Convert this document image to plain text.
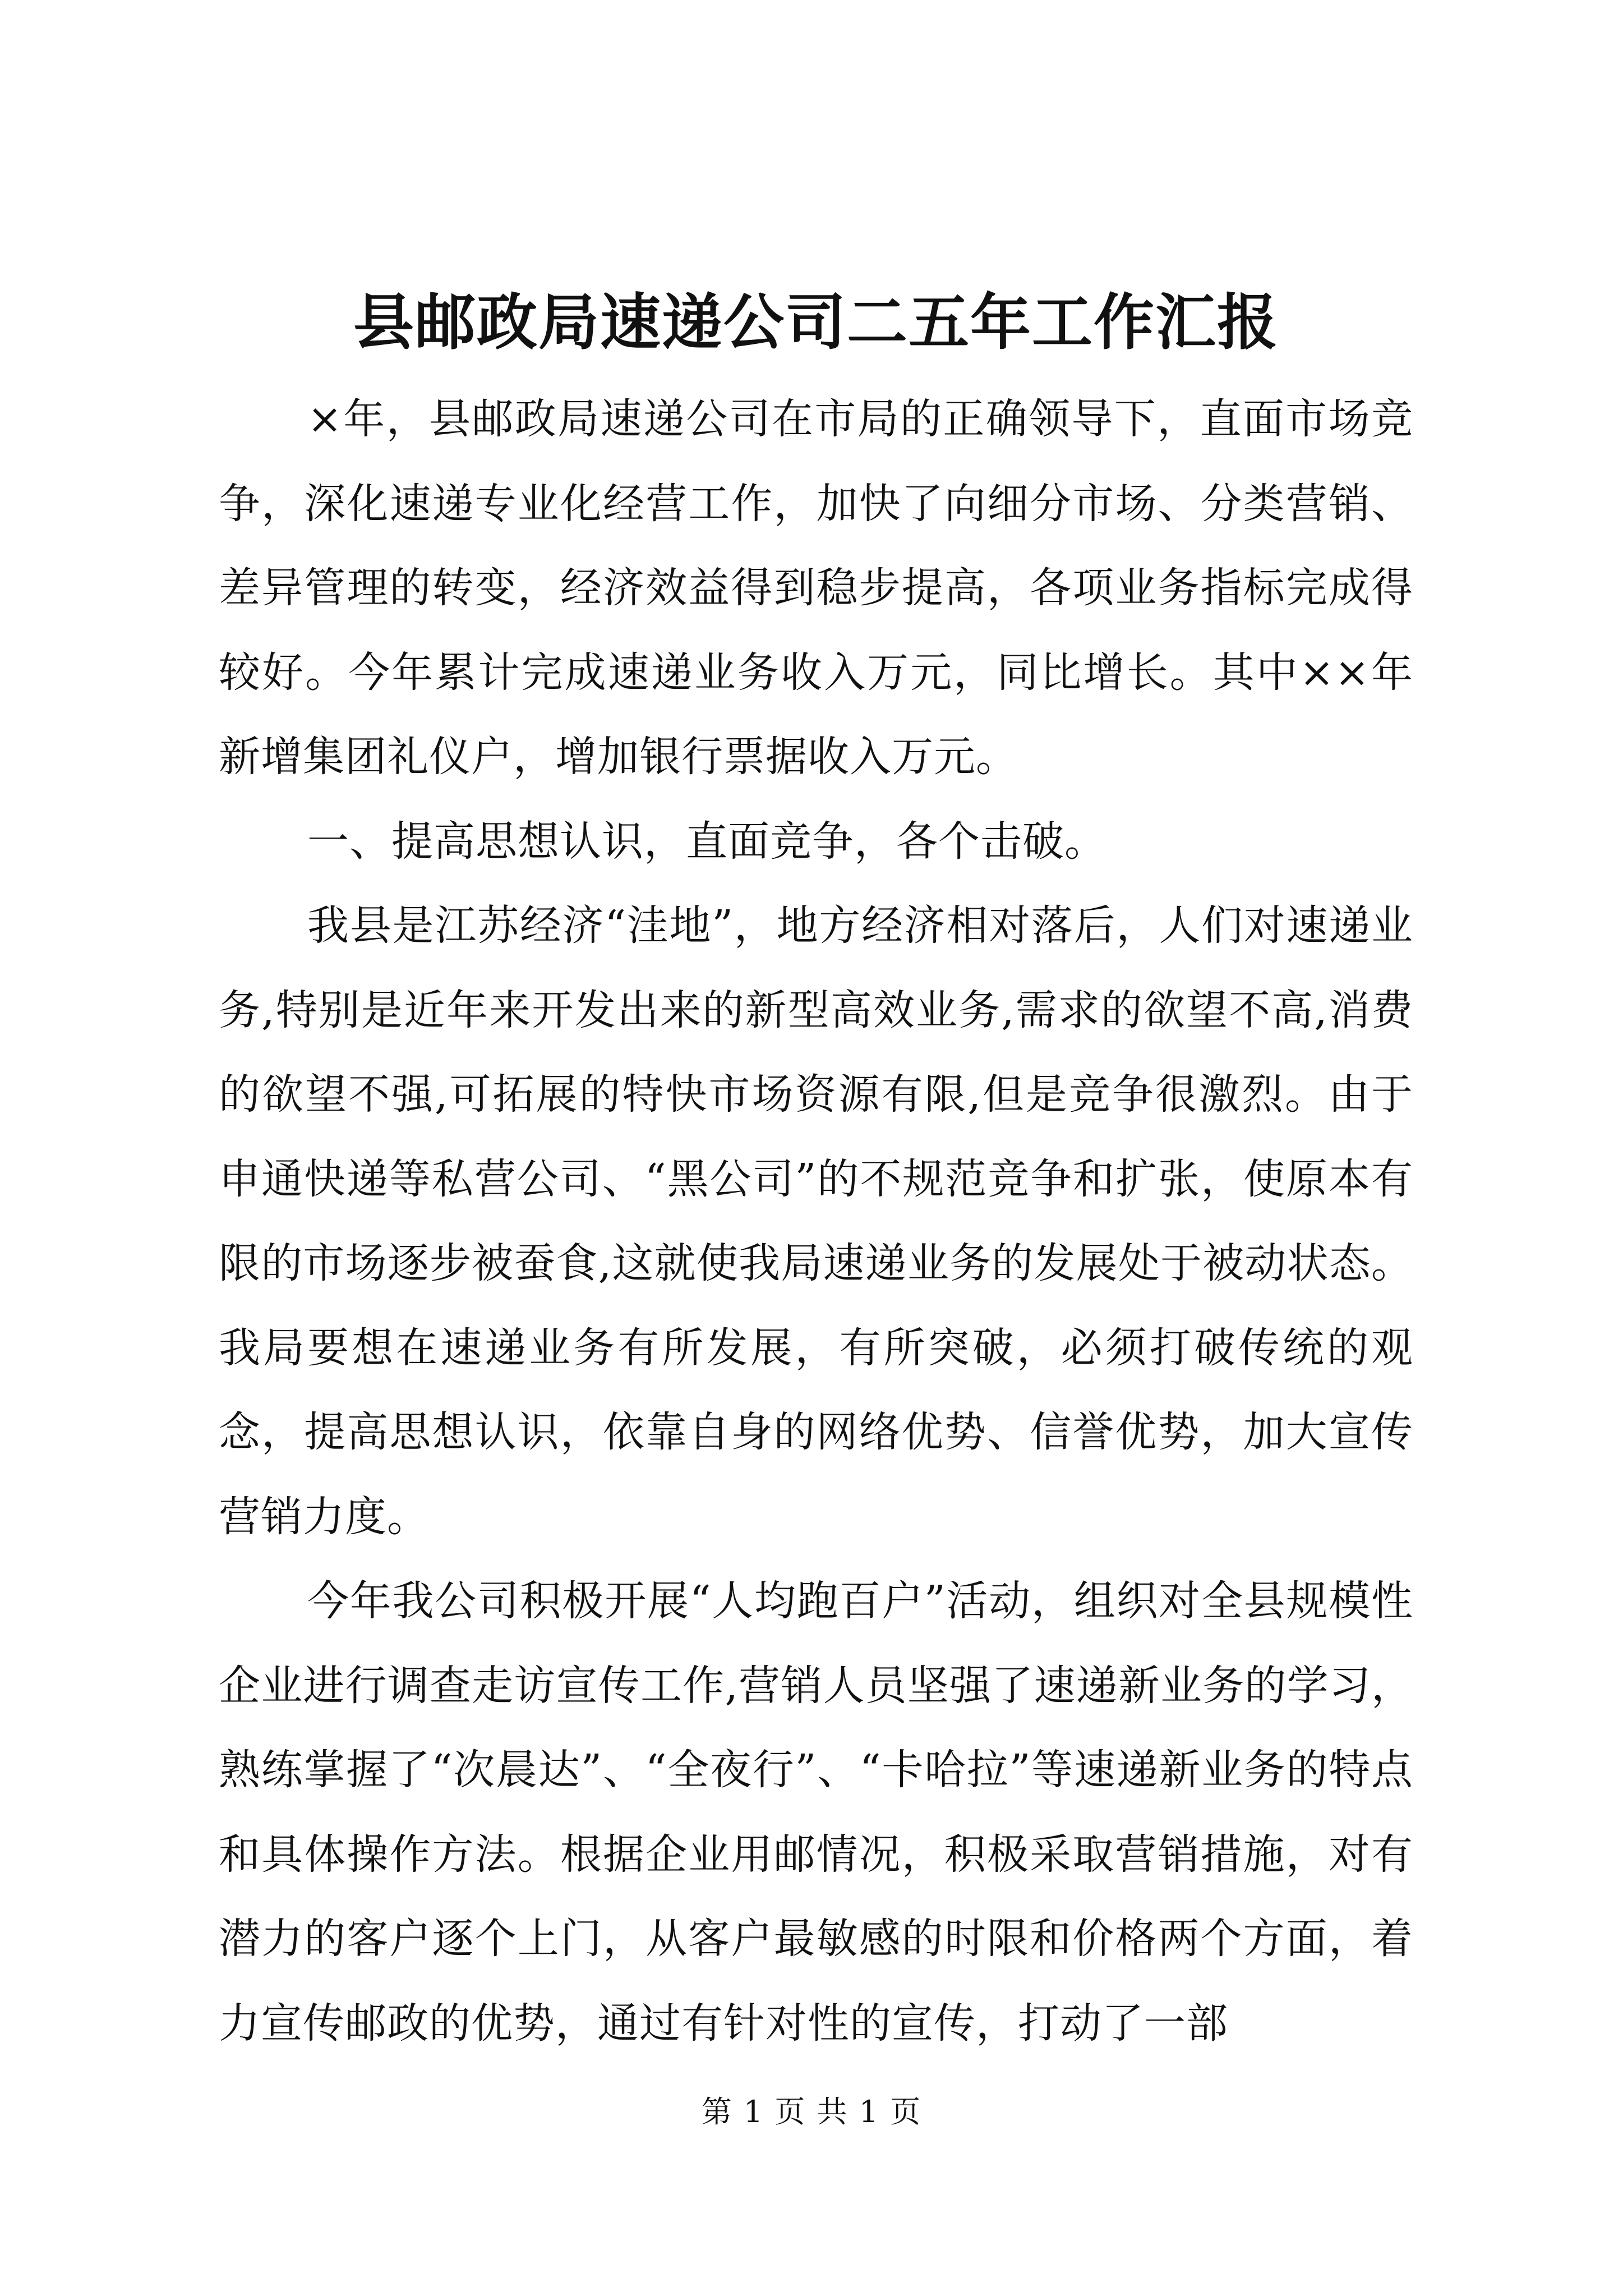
县邮政局速递公司二五年工作汇报

×年，县邮政局速递公司在市局的正确领导下，直面市场竞争，深化速递专业化经营工作，加快了向细分市场、分类营销、差异管理的转变，经济效益得到稳步提高，各项业务指标完成得较好。今年累计完成速递业务收入万元，同比增长。其中××年新增集团礼仪户，增加银行票据收入万元。

一、提高思想认识，直面竞争，各个击破。

我县是江苏经济“洼地”，地方经济相对落后，人们对速递业务,特别是近年来开发出来的新型高效业务,需求的欲望不高,消费的欲望不强,可拓展的特快市场资源有限,但是竞争很激烈。由于申通快递等私营公司、“黑公司”的不规范竞争和扩张，使原本有限的市场逐步被蚕食,这就使我局速递业务的发展处于被动状态。我局要想在速递业务有所发展，有所突破，必须打破传统的观念，提高思想认识，依靠自身的网络优势、信誉优势，加大宣传营销力度。

今年我公司积极开展“人均跑百户”活动，组织对全县规模性企业进行调查走访宣传工作,营销人员坚强了速递新业务的学习，熟练掌握了“次晨达”、“全夜行”、“卡哈拉”等速递新业务的特点和具体操作方法。根据企业用邮情况，积极采取营销措施，对有潜力的客户逐个上门，从客户最敏感的时限和价格两个方面，着力宣传邮政的优势，通过有针对性的宣传，打动了一部

第 1 页 共 1 页
